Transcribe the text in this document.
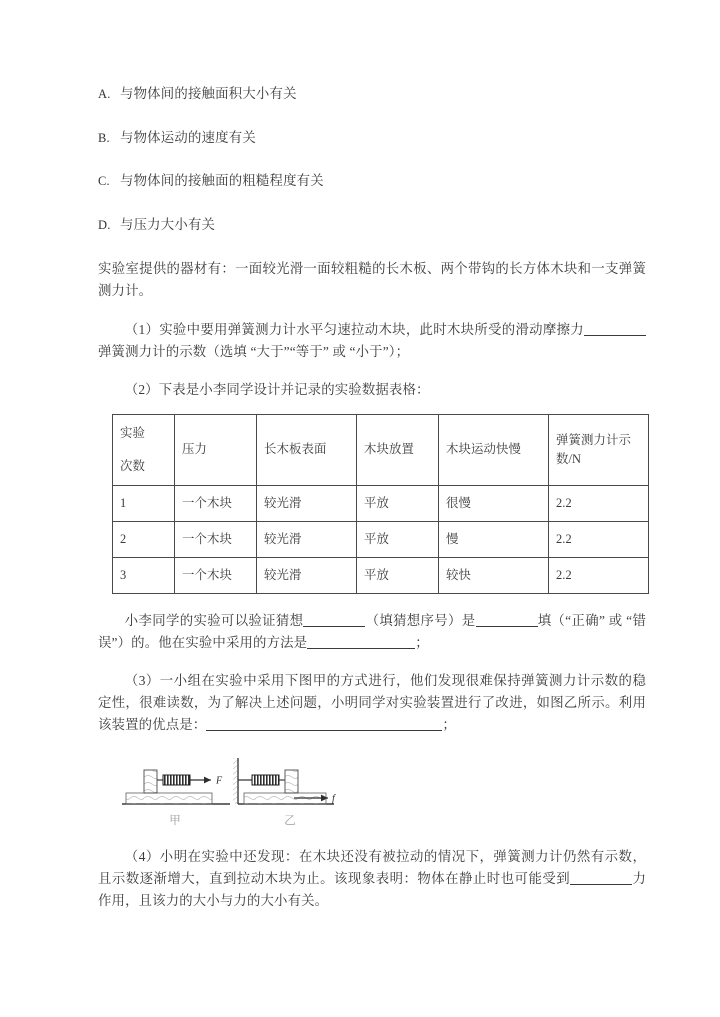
A. 与物体间的接触面积大小有关
B. 与物体运动的速度有关
C. 与物体间的接触面的粗糙程度有关
D. 与压力大小有关

实验室提供的器材有：一面较光滑一面较粗糙的长木板、两个带钩的长方体木块和一支弹簧测力计。

（1）实验中要用弹簧测力计水平匀速拉动木块，此时木块所受的滑动摩擦力弹簧测力计的示数（选填 “大于”“等于” 或 “小于”）；

（2）下表是小李同学设计并记录的实验数据表格：

实验
次数	压力	长木板表面	木块放置	木块运动快慢	弹簧测力计示数/N
1	一个木块	较光滑	平放	很慢	2.2
2	一个木块	较光滑	平放	慢	2.2
3	一个木块	较光滑	平放	较快	2.2

小李同学的实验可以验证猜想	（填猜想序号）是	填（“正确” 或 “错 误”）的。他在实验中采用的方法是	；

（3）一小组在实验中采用下图甲的方式进行，他们发现很难保持弹簧测力计示数的稳定性，很难读数，为了解决上述问题，小明同学对实验装置进行了改进，如图乙所示。利用该装置的优点是：	；

F
f
甲	乙

（4）小明在实验中还发现：在木块还没有被拉动的情况下，弹簧测力计仍然有示数，且示数逐渐增大，直到拉动木块为止。该现象表明：物体在静止时也可能受到	力作用，且该力的大小与力的大小有关。
